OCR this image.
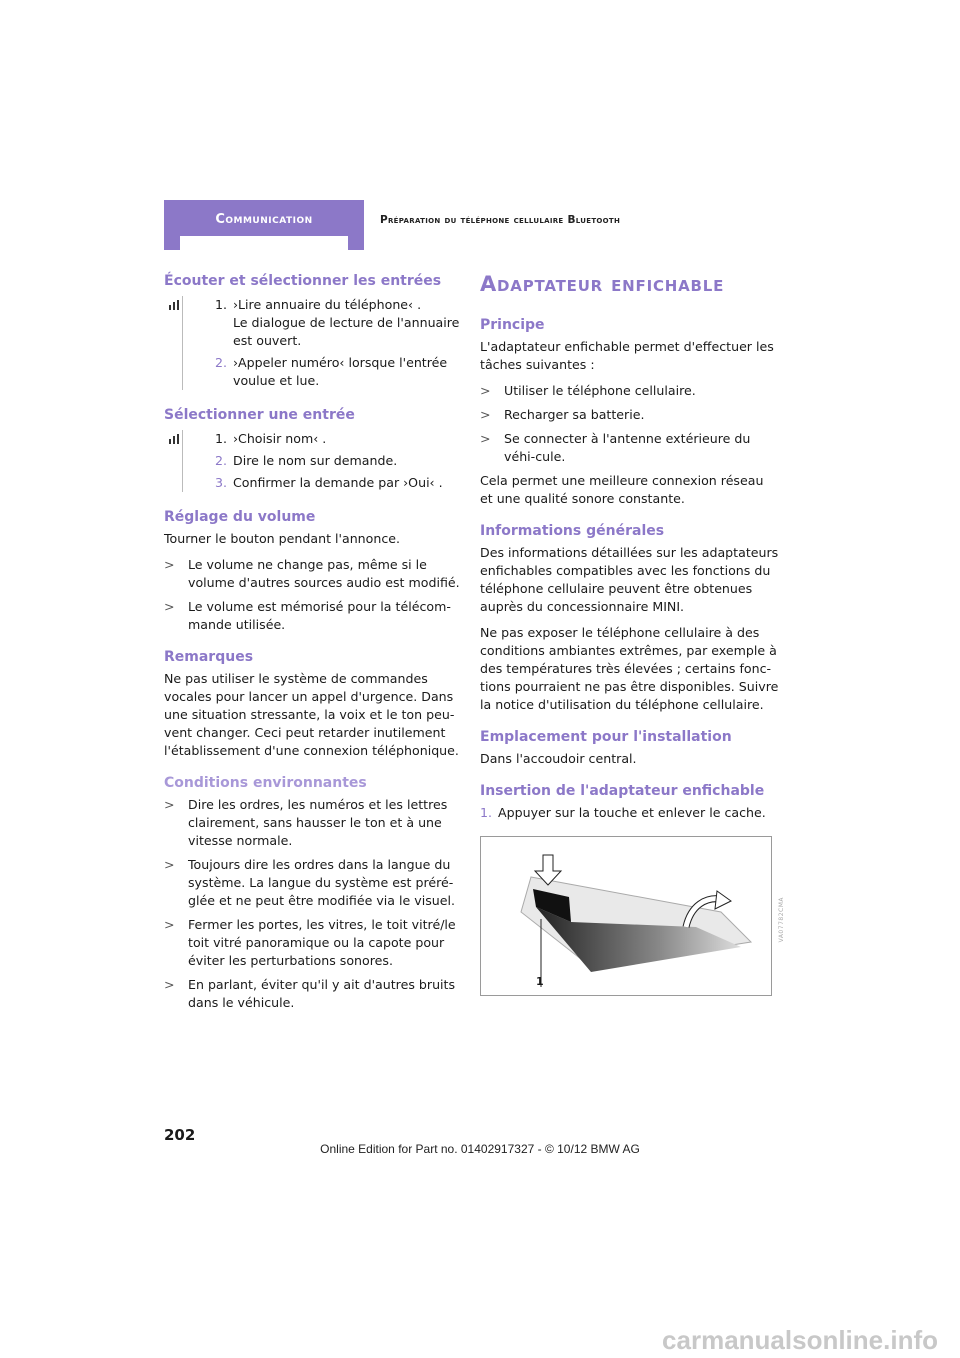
Communication	Préparation du téléphone cellulaire Bluetooth
Écouter et sélectionner les entrées
1. ›Lire annuaire du téléphone‹ .
Le dialogue de lecture de l'annuaire est ouvert.
2. ›Appeler numéro‹ lorsque l'entrée voulue et lue.
Sélectionner une entrée
1. ›Choisir nom‹ .
2. Dire le nom sur demande.
3. Confirmer la demande par ›Oui‹ .
Réglage du volume

Tourner le bouton pendant l'annonce.

>	Le volume ne change pas, même si le volume d'autres sources audio est modifié.
>	Le volume est mémorisé pour la télécom-mande utilisée.
Remarques

Ne pas utiliser le système de commandes vocales pour lancer un appel d'urgence. Dans une situation stressante, la voix et le ton peu-vent changer. Ceci peut retarder inutilement l'établissement d'une connexion téléphonique.

Conditions environnantes
>	Dire les ordres, les numéros et les lettres clairement, sans hausser le ton et à une vitesse normale.
>	Toujours dire les ordres dans la langue du système. La langue du système est préré-glée et ne peut être modifiée via le visuel.
>	Fermer les portes, les vitres, le toit vitré/le toit vitré panoramique ou la capote pour éviter les perturbations sonores.
>	En parlant, éviter qu'il y ait d'autres bruits dans le véhicule.
Adaptateur enfichable
Principe

L'adaptateur enfichable permet d'effectuer les tâches suivantes :

>	Utiliser le téléphone cellulaire.
>	Recharger sa batterie.
>	Se connecter à l'antenne extérieure du véhi-cule.

Cela permet une meilleure connexion réseau et une qualité sonore constante.

Informations générales

Des informations détaillées sur les adaptateurs enfichables compatibles avec les fonctions du téléphone cellulaire peuvent être obtenues auprès du concessionnaire MINI.

Ne pas exposer le téléphone cellulaire à des conditions ambiantes extrêmes, par exemple à des températures très élevées ; certains fonc-tions pourraient ne pas être disponibles. Suivre la notice d'utilisation du téléphone cellulaire.

Emplacement pour l'installation

Dans l'accoudoir central.

Insertion de l'adaptateur enfichable
1. Appuyer sur la touche et enlever le cache.
1
VA07782CMA
202
Online Edition for Part no. 01402917327 - © 10/12 BMW AG
carmanualsonline.info
